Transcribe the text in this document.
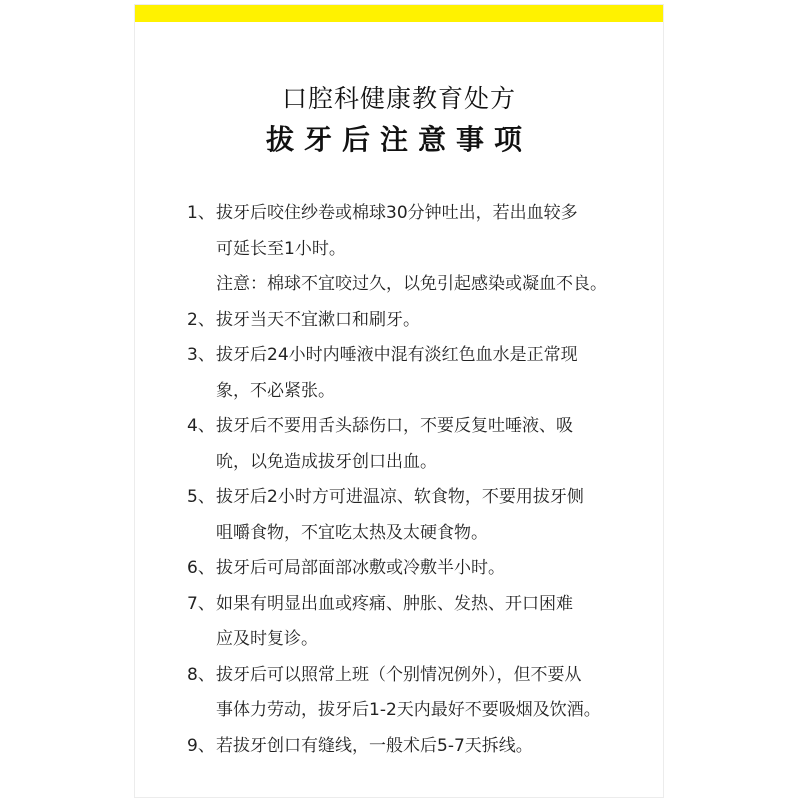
口腔科健康教育处方
拔牙后注意事项
1、拔牙后咬住纱卷或棉球30分钟吐出，若出血较多
可延长至1小时。
注意：棉球不宜咬过久，以免引起感染或凝血不良。
2、拔牙当天不宜漱口和刷牙。
3、拔牙后24小时内唾液中混有淡红色血水是正常现
象，不必紧张。
4、拔牙后不要用舌头舔伤口，不要反复吐唾液、吸
吮，以免造成拔牙创口出血。
5、拔牙后2小时方可进温凉、软食物，不要用拔牙侧
咀嚼食物，不宜吃太热及太硬食物。
6、拔牙后可局部面部冰敷或冷敷半小时。
7、如果有明显出血或疼痛、肿胀、发热、开口困难
应及时复诊。
8、拔牙后可以照常上班（个别情况例外），但不要从
事体力劳动，拔牙后1-2天内最好不要吸烟及饮酒。
9、若拔牙创口有缝线，一般术后5-7天拆线。
